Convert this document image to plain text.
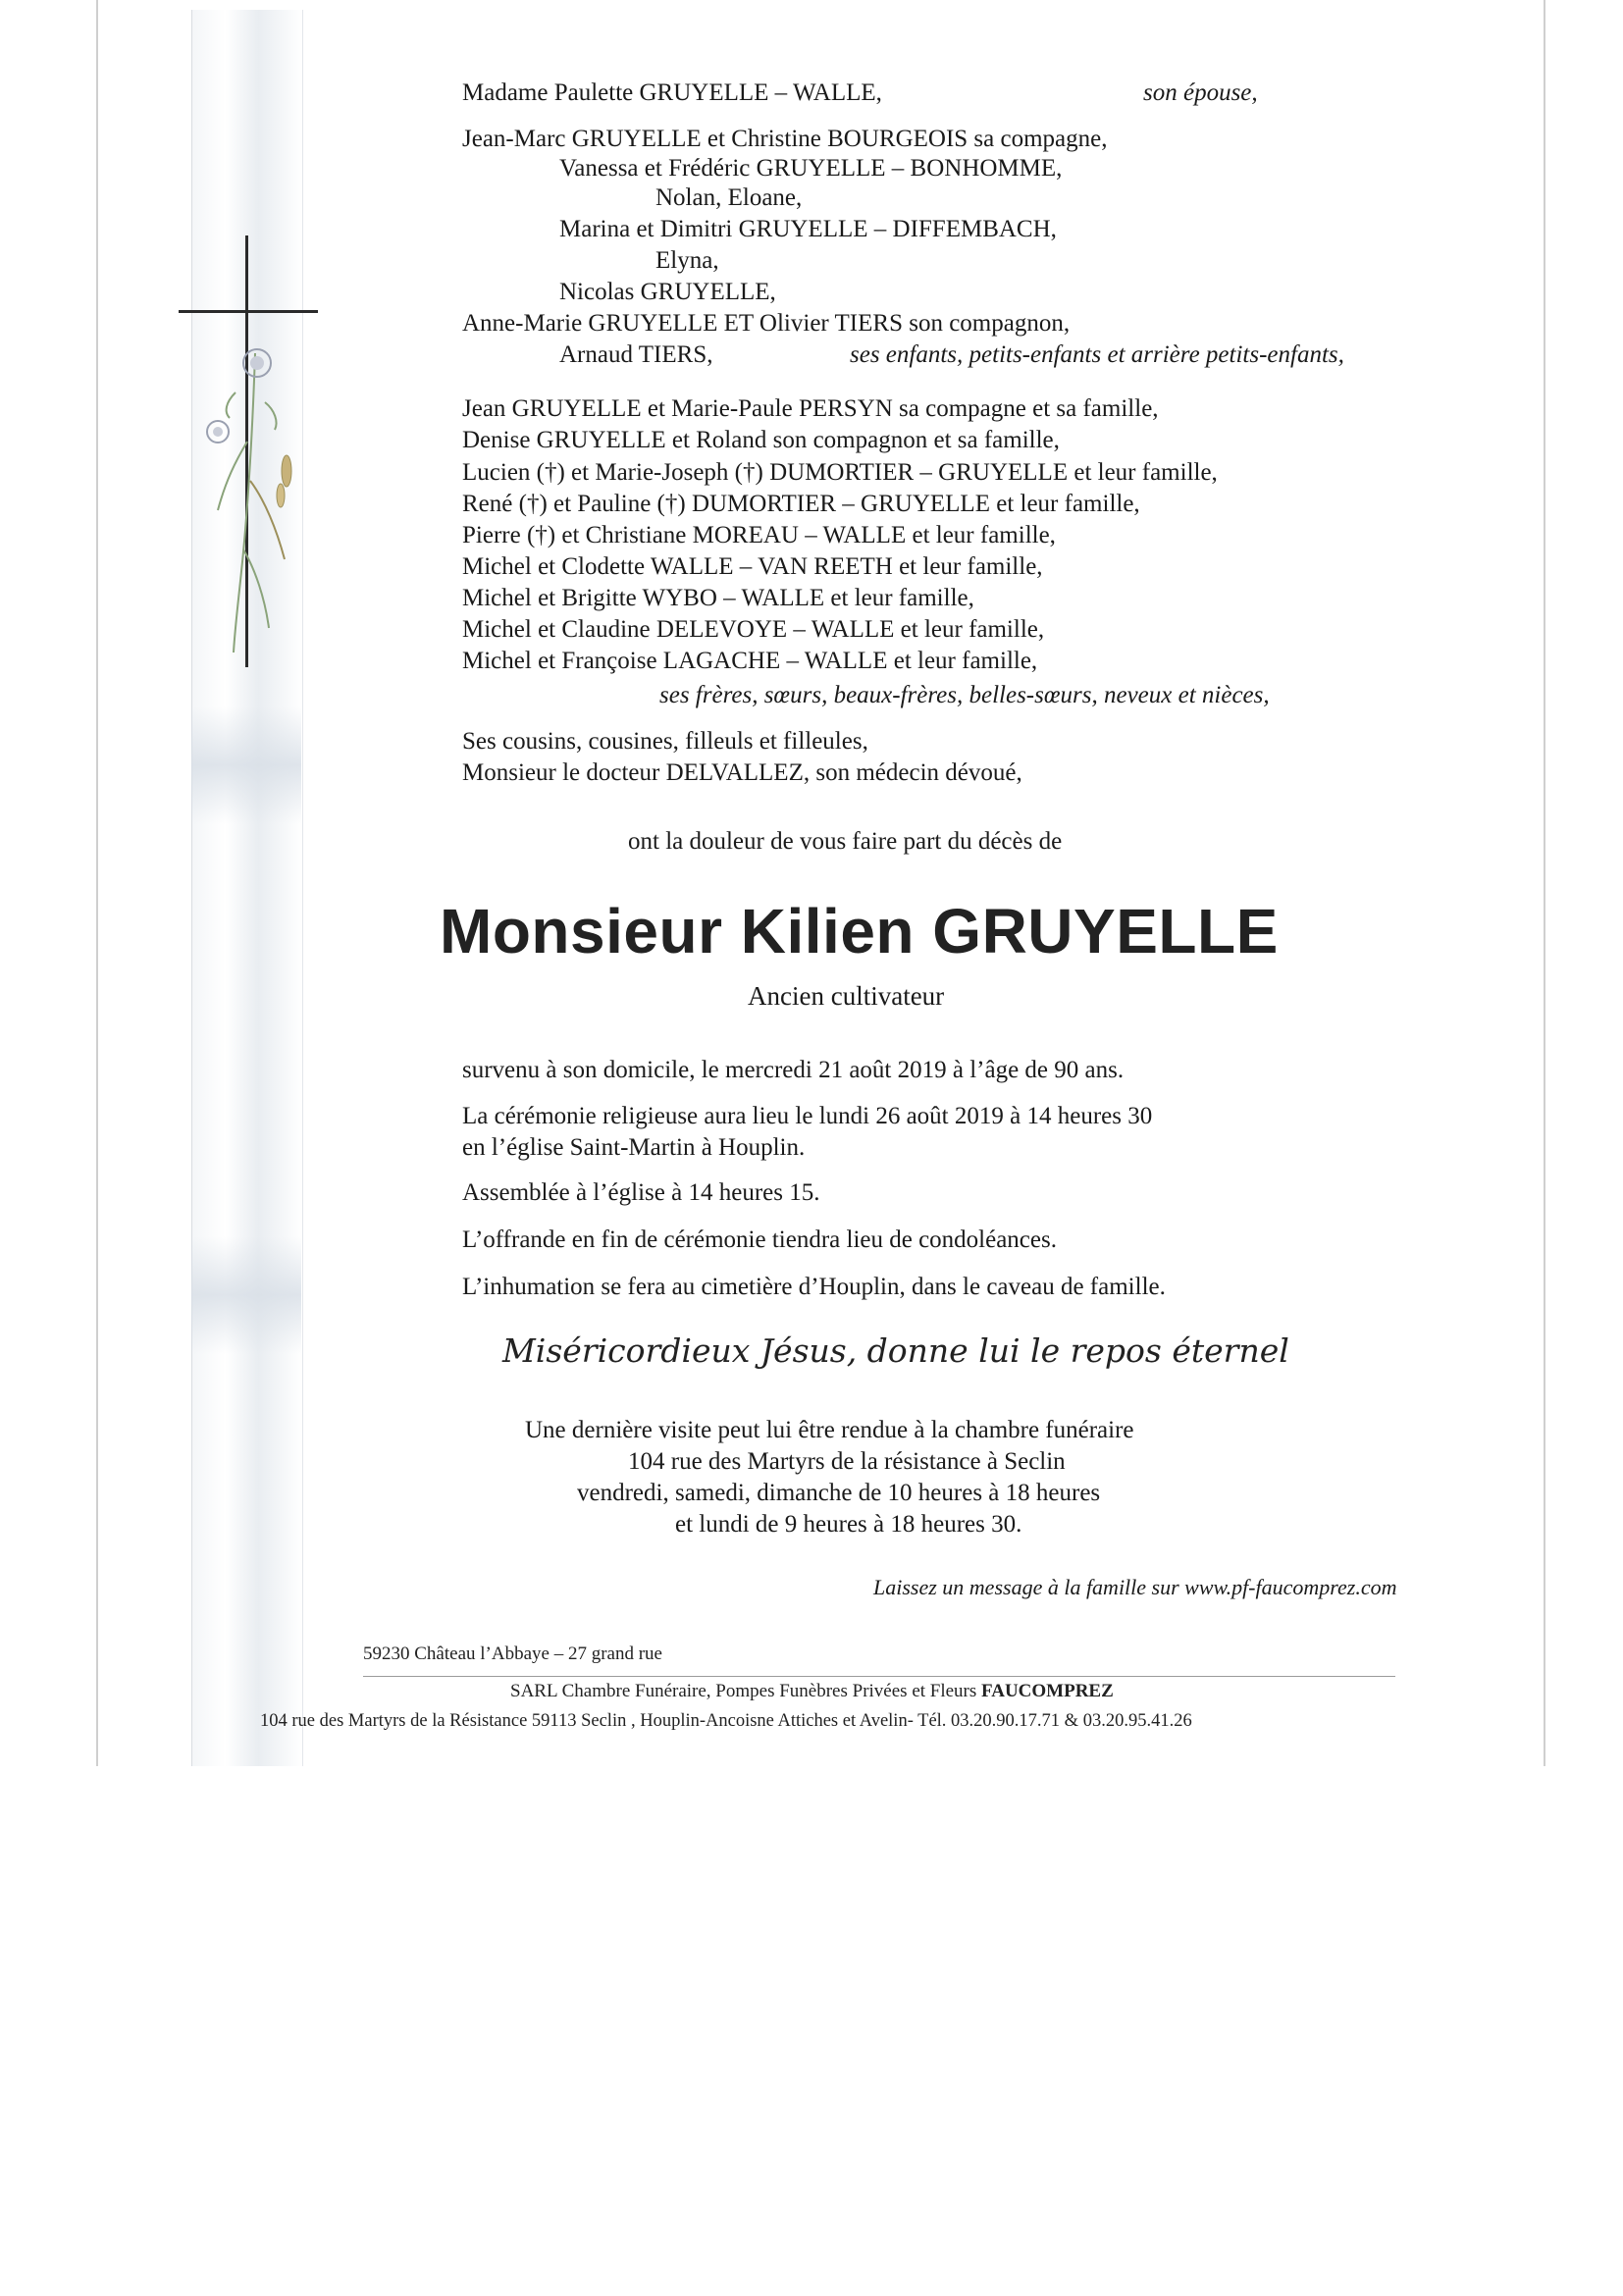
Madame Paulette GRUYELLE – WALLE,	son épouse,

Jean-Marc GRUYELLE et Christine BOURGEOIS sa compagne,

Vanessa et Frédéric GRUYELLE – BONHOMME,

Nolan, Eloane,

Marina et Dimitri GRUYELLE – DIFFEMBACH,

Elyna,

Nicolas GRUYELLE,

Anne-Marie GRUYELLE ET Olivier TIERS son compagnon,

Arnaud TIERS,	ses enfants, petits-enfants et arrière petits-enfants,

Jean GRUYELLE et Marie-Paule PERSYN sa compagne et sa famille,

Denise GRUYELLE et Roland son compagnon et sa famille,

Lucien (†) et Marie-Joseph (†) DUMORTIER – GRUYELLE et leur famille,

René (†) et Pauline (†) DUMORTIER – GRUYELLE et leur famille,

Pierre (†) et Christiane MOREAU – WALLE et leur famille,

Michel et Clodette WALLE – VAN REETH et leur famille,

Michel et Brigitte WYBO – WALLE et leur famille,

Michel et Claudine DELEVOYE – WALLE et leur famille,

Michel et Françoise LAGACHE – WALLE et leur famille,

ses frères, sœurs, beaux-frères, belles-sœurs, neveux et nièces,

Ses cousins, cousines, filleuls et filleules,

Monsieur le docteur DELVALLEZ, son médecin dévoué,

ont la douleur de vous faire part du décès de

Monsieur Kilien GRUYELLE

Ancien cultivateur

survenu à son domicile, le mercredi 21 août 2019 à l’âge de 90 ans.

La cérémonie religieuse aura lieu le lundi 26 août 2019 à 14 heures 30

en l’église Saint-Martin à Houplin.

Assemblée à l’église à 14 heures 15.

L’offrande en fin de cérémonie tiendra lieu de condoléances.

L’inhumation se fera au cimetière d’Houplin, dans le caveau de famille.

Miséricordieux Jésus, donne lui le repos éternel

Une dernière visite peut lui être rendue à la chambre funéraire

104 rue des Martyrs de la résistance à Seclin

vendredi, samedi, dimanche de 10 heures à 18 heures

et lundi de 9 heures à 18 heures 30.

Laissez un message à la famille sur www.pf-faucomprez.com

59230 Château l’Abbaye – 27 grand rue

SARL Chambre Funéraire, Pompes Funèbres Privées et Fleurs FAUCOMPREZ

104 rue des Martyrs de la Résistance 59113 Seclin , Houplin-Ancoisne Attiches et Avelin- Tél. 03.20.90.17.71 & 03.20.95.41.26
